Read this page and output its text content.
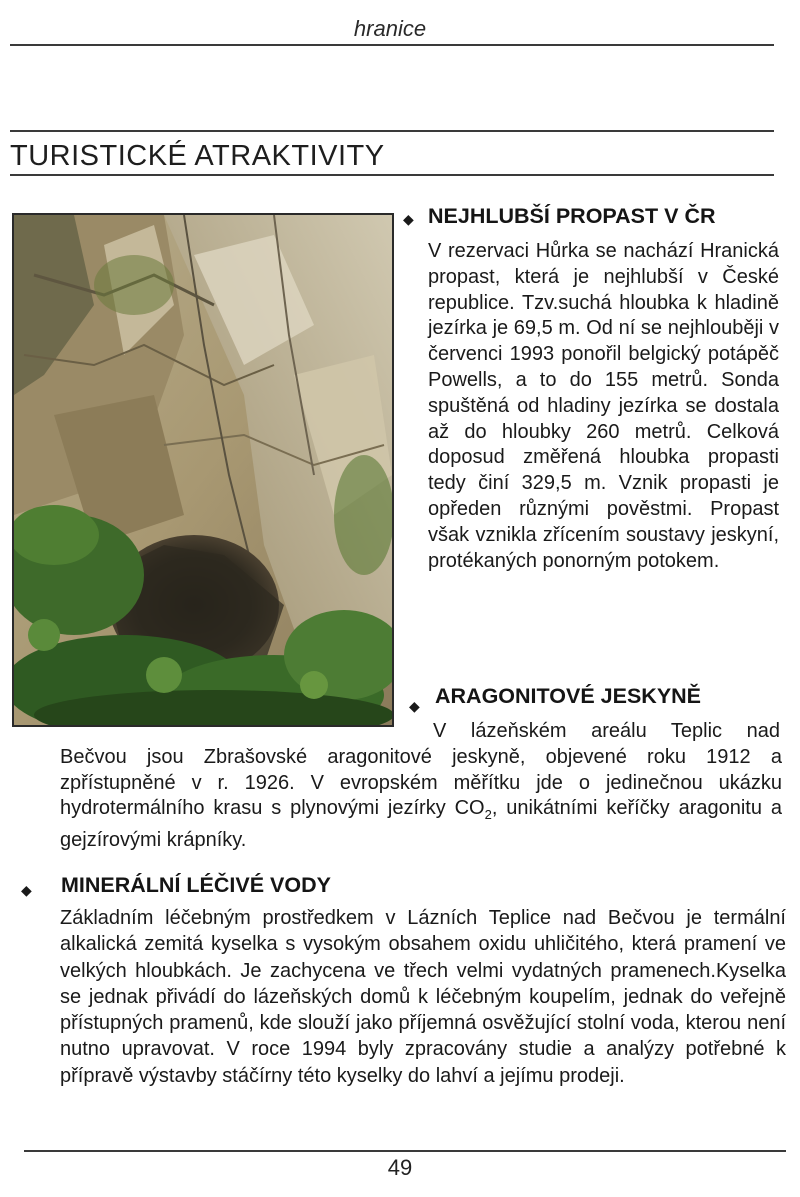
hranice
TURISTICKÉ ATRAKTIVITY
◆ NEJHLUBŠÍ PROPAST V ČR
V rezervaci Hůrka se nachází Hranická propast, která je nejhlubší v České republice. Tzv.suchá hloubka k hladině jezírka je 69,5 m. Od ní se nejhlouběji v červenci 1993 ponořil belgický potápěč Powells, a to do 155 metrů. Sonda spuštěná od hladiny jezírka se dostala až do hloubky 260 metrů. Celková doposud změřená hloubka propasti tedy činí 329,5 m. Vznik propasti je opředen různými pověstmi. Propast však vznikla zřícením soustavy jeskyní, protékaných ponorným potokem.
◆ ARAGONITOVÉ JESKYNĚ
V lázeňském areálu Teplic nad
Bečvou jsou Zbrašovské aragonitové jeskyně, objevené roku 1912 a zpřístupněné v r. 1926. V evropském měřítku jde o jedinečnou ukázku hydrotermálního krasu s plynovými jezírky $CO_2$, unikátními keříčky aragonitu a gejzírovými krápníky.
◆ MINERÁLNÍ LÉČIVÉ VODY
Základním léčebným prostředkem v Lázních Teplice nad Bečvou je termální alkalická zemitá kyselka s vysokým obsahem oxidu uhličitého, která pramení ve velkých hloubkách. Je zachycena ve třech velmi vydatných pramenech.Kyselka se jednak přivádí do lázeňských domů k léčebným koupelím, jednak do veřejně přístupných pramenů, kde slouží jako příjemná osvěžující stolní voda, kterou není nutno upravovat. V roce 1994 byly zpracovány studie a analýzy potřebné k přípravě výstavby stáčírny této kyselky do lahví a jejímu prodeji.
49
